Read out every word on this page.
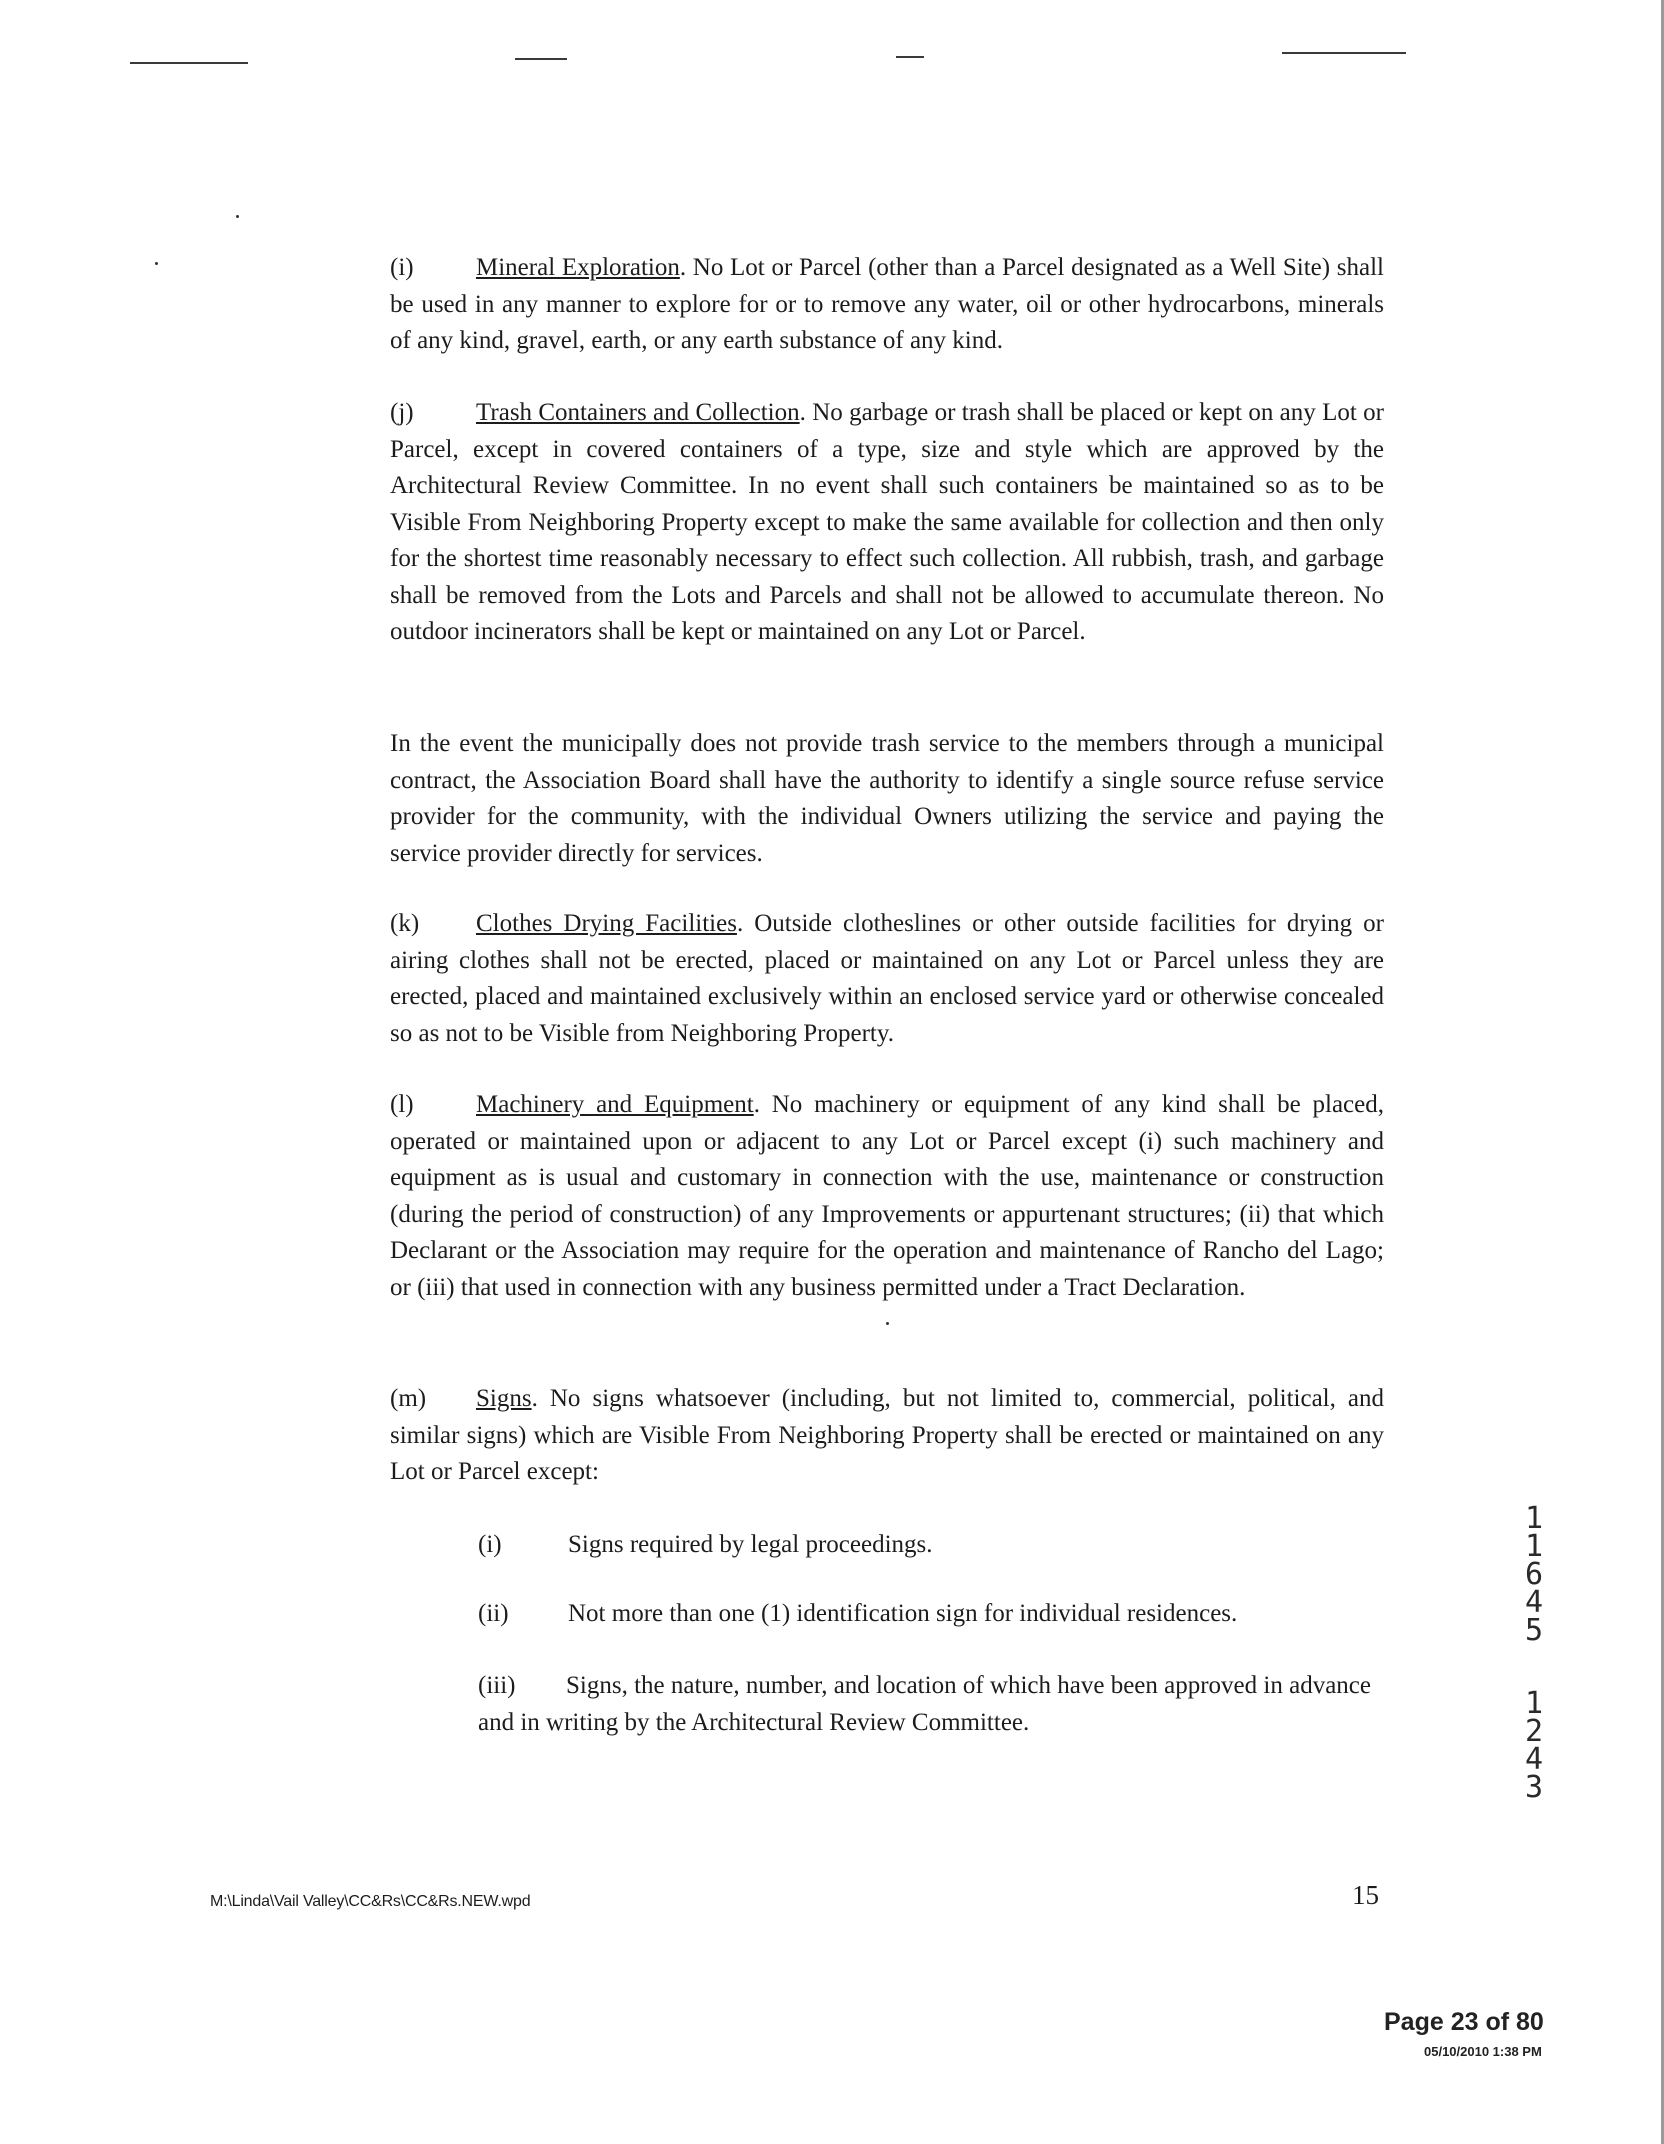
(i) Mineral Exploration. No Lot or Parcel (other than a Parcel designated as a Well Site) shall be used in any manner to explore for or to remove any water, oil or other hydrocarbons, minerals of any kind, gravel, earth, or any earth substance of any kind.

(j) Trash Containers and Collection. No garbage or trash shall be placed or kept on any Lot or Parcel, except in covered containers of a type, size and style which are approved by the Architectural Review Committee. In no event shall such containers be maintained so as to be Visible From Neighboring Property except to make the same available for collection and then only for the shortest time reasonably necessary to effect such collection. All rubbish, trash, and garbage shall be removed from the Lots and Parcels and shall not be allowed to accumulate thereon. No outdoor incinerators shall be kept or maintained on any Lot or Parcel.

In the event the municipally does not provide trash service to the members through a municipal contract, the Association Board shall have the authority to identify a single source refuse service provider for the community, with the individual Owners utilizing the service and paying the service provider directly for services.

(k) Clothes Drying Facilities. Outside clotheslines or other outside facilities for drying or airing clothes shall not be erected, placed or maintained on any Lot or Parcel unless they are erected, placed and maintained exclusively within an enclosed service yard or otherwise concealed so as not to be Visible from Neighboring Property.

(l) Machinery and Equipment. No machinery or equipment of any kind shall be placed, operated or maintained upon or adjacent to any Lot or Parcel except (i) such machinery and equipment as is usual and customary in connection with the use, maintenance or construction (during the period of construction) of any Improvements or appurtenant structures; (ii) that which Declarant or the Association may require for the operation and maintenance of Rancho del Lago; or (iii) that used in connection with any business permitted under a Tract Declaration.

(m) Signs. No signs whatsoever (including, but not limited to, commercial, political, and similar signs) which are Visible From Neighboring Property shall be erected or maintained on any Lot or Parcel except:

(i)	Signs required by legal proceedings.

(ii) Not more than one (1) identification sign for individual residences.

(iii) Signs, the nature, number, and location of which have been approved in advance and in writing by the Architectural Review Committee.

1
1
6
4
5
1
2
4
3
M:\Linda\Vail Valley\CC&Rs\CC&Rs.NEW.wpd	15
Page 23 of 80
05/10/2010 1:38 PM
